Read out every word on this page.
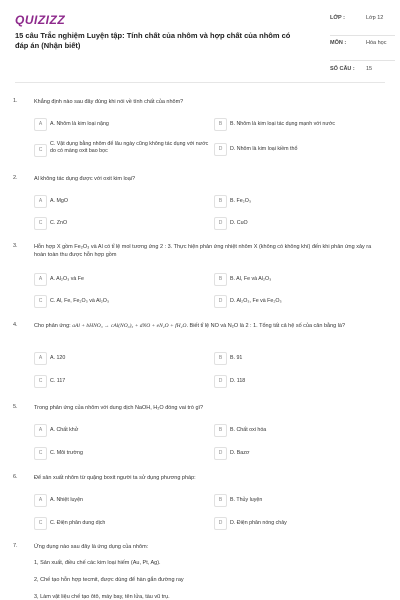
QUIZIZZ
15 câu Trắc nghiệm Luyện tập: Tính chất của nhôm và hợp chất của nhôm có đáp án (Nhận biết)
LỚP :	Lớp 12
MÔN :	Hóa học
SỐ CÂU : 15
1.	Khẳng định nào sau đây đúng khi nói về tính chất của nhôm?
A	A. Nhôm là kim loại nặng	B	B. Nhôm là kim loại tác dụng mạnh với nước
C
C. Vật dụng bằng nhôm để lâu ngày cũng không tác dụng với nước do có màng oxit bao bọc	D	D. Nhôm là kim loại kiềm thổ
2.	Al không tác dụng được với oxit kim loại?
A	A. MgO	B	B. Fe₂O₃
C	C. ZnO	D	D. CuO
3.	Hỗn hợp X gồm Fe₂O₃ và Al có tỉ lệ mol tương ứng 2 : 3. Thực hiện phản ứng nhiệt nhôm X (không có không khí) đến khi phản ứng xảy ra hoàn toàn thu được hỗn hợp gồm
A	A. Al₂O₃ và Fe	B	B. Al, Fe và Al₂O₃
C	C. Al, Fe, Fe₂O₃ và Al₂O₃	D	D. Al₂O₃, Fe và Fe₂O₃
4.	Cho phản ứng: aAl + bHNO₃ → cAl(NO₃)₃ + dNO + eN₂O + fH₂O. Biết tỉ lệ NO và N₂O là 2 : 1. Tổng tất cả hệ số của cân bằng là?
A	A. 120	B	B. 91
C	C. 117	D	D. 118
5.	Trong phản ứng của nhôm với dung dịch NaOH, H₂O đóng vai trò gì?
A	A. Chất khử	B	B. Chất oxi hóa
C	C. Môi trường	D	D. Bazơ
6.	Để sản xuất nhôm từ quặng boxit người ta sử dụng phương pháp:
A	A. Nhiệt luyện	B	B. Thủy luyện
C	C. Điện phân dung dịch	D	D. Điện phân nóng chảy
7.	Ứng dụng nào sau đây là ứng dụng của nhôm:
1, Sản xuất, điều chế các kim loại hiếm (Au, Pt, Ag).
2, Chế tạo hỗn hợp tecmit, được dùng để hàn gắn đường ray
3, Làm vật liệu chế tạo ôtô, máy bay, tên lửa, tàu vũ trụ.
